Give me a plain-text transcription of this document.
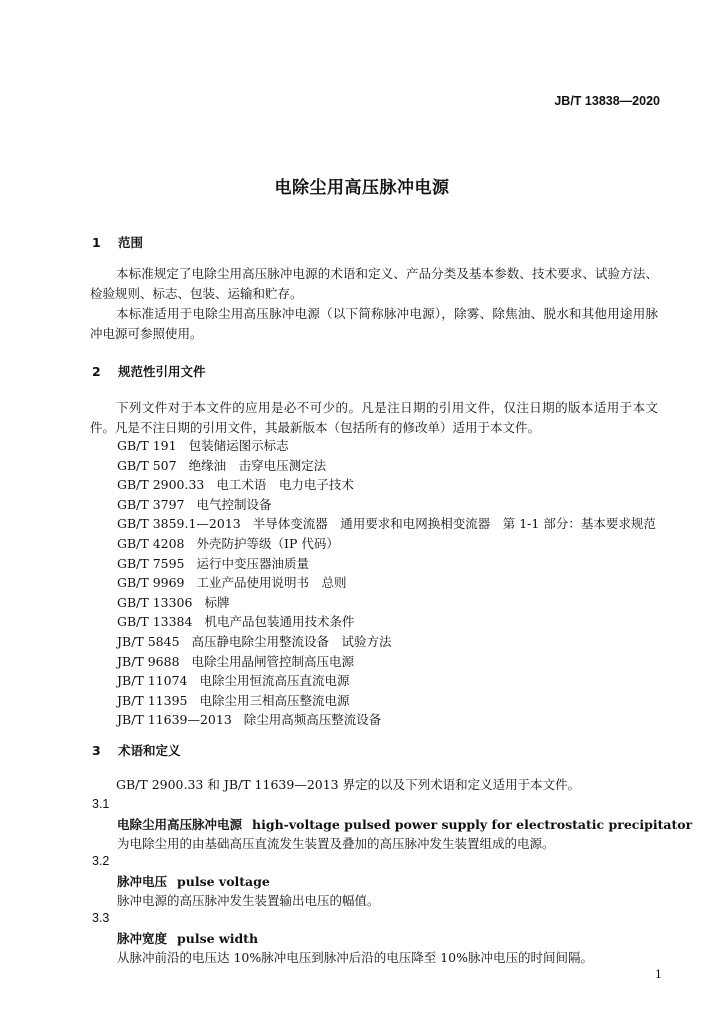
JB/T 13838—2020
电除尘用高压脉冲电源
1 范围

本标准规定了电除尘用高压脉冲电源的术语和定义、产品分类及基本参数、技术要求、试验方法、检验规则、标志、包装、运输和贮存。

本标准适用于电除尘用高压脉冲电源（以下简称脉冲电源），除雾、除焦油、脱水和其他用途用脉冲电源可参照使用。

2 规范性引用文件

下列文件对于本文件的应用是必不可少的。凡是注日期的引用文件，仅注日期的版本适用于本文件。凡是不注日期的引用文件，其最新版本（包括所有的修改单）适用于本文件。

GB/T 191 包装储运图示标志
GB/T 507 绝缘油　击穿电压测定法
GB/T 2900.33 电工术语　电力电子技术
GB/T 3797 电气控制设备
GB/T 3859.1—2013 半导体变流器　通用要求和电网换相变流器　第 1-1 部分：基本要求规范
GB/T 4208 外壳防护等级（IP 代码）
GB/T 7595 运行中变压器油质量
GB/T 9969 工业产品使用说明书　总则
GB/T 13306 标牌
GB/T 13384 机电产品包装通用技术条件
JB/T 5845 高压静电除尘用整流设备　试验方法
JB/T 9688 电除尘用晶闸管控制高压电源
JB/T 11074 电除尘用恒流高压直流电源
JB/T 11395 电除尘用三相高压整流电源
JB/T 11639—2013 除尘用高频高压整流设备
3 术语和定义

GB/T 2900.33 和 JB/T 11639—2013 界定的以及下列术语和定义适用于本文件。

3.1
电除尘用高压脉冲电源 high-voltage pulsed power supply for electrostatic precipitator
为电除尘用的由基础高压直流发生装置及叠加的高压脉冲发生装置组成的电源。
3.2
脉冲电压 pulse voltage
脉冲电源的高压脉冲发生装置输出电压的幅值。
3.3
脉冲宽度 pulse width
从脉冲前沿的电压达 10%脉冲电压到脉冲后沿的电压降至 10%脉冲电压的时间间隔。
1
